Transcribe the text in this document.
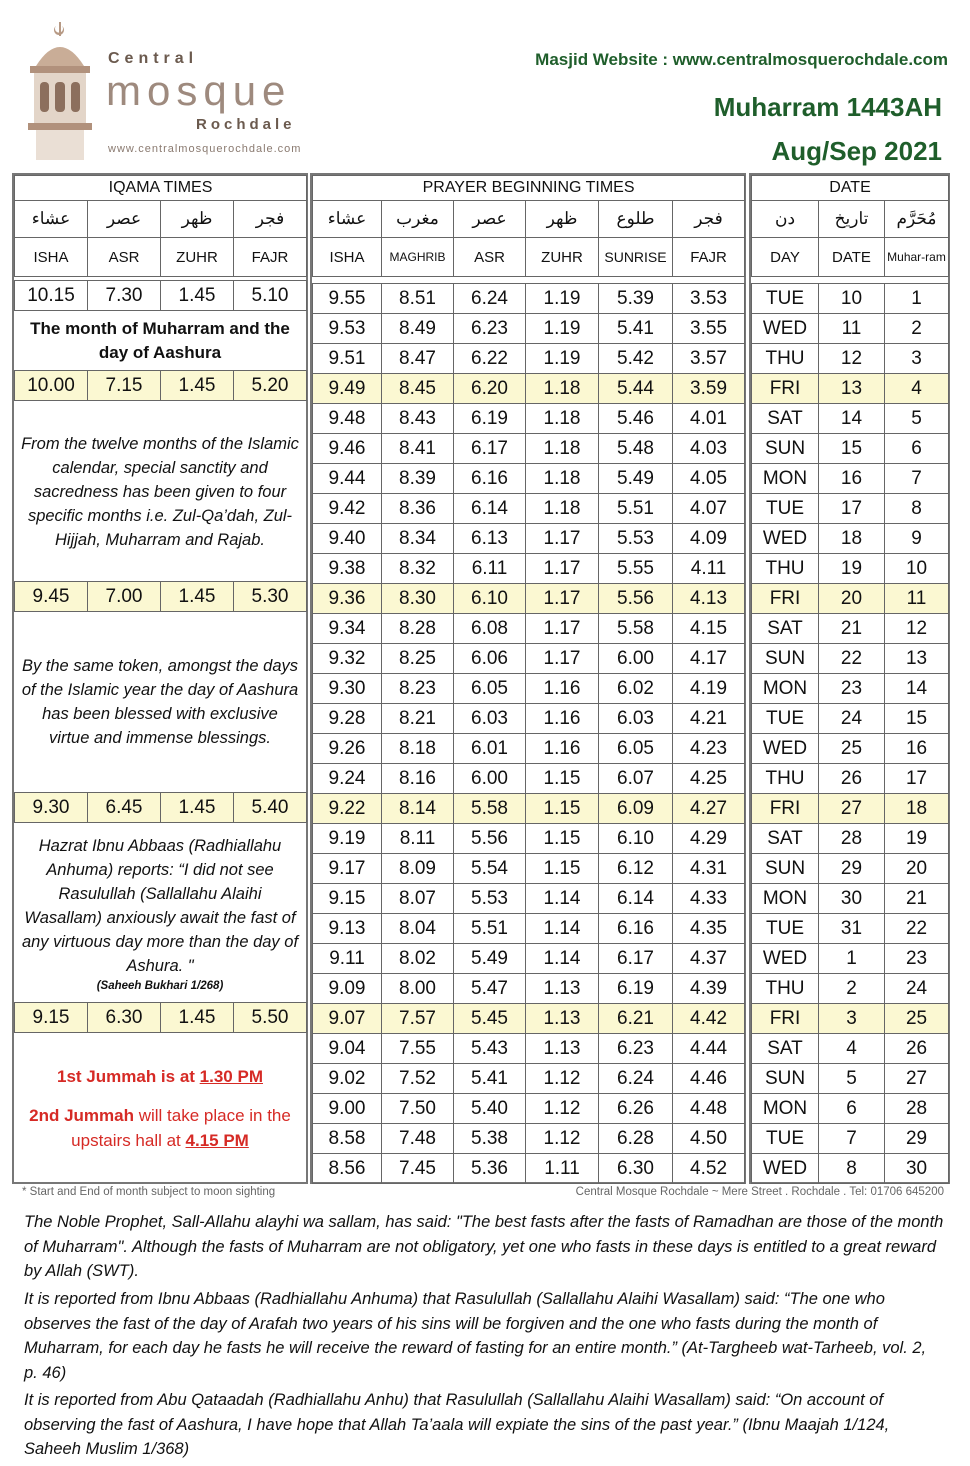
Central
mosque
Rochdale
www.centralmosquerochdale.com
Masjid Website : www.centralmosquerochdale.com
Muharram 1443AH
Aug/Sep 2021
IQAMA TIMES			
عشاء	عصر	ظهر	فجر
ISHA	ASR	ZUHR	FAJR
10.15	7.30	1.45	5.10
10.00	7.15	1.45	5.20
9.45	7.00	1.45	5.30
9.30	6.45	1.45	5.40
9.15	6.30	1.45	5.50
The month of Muharram and the day of Aashura
From the twelve months of the Islamic calendar, special sanctity and sacredness has been given to four specific months i.e. Zul-Qa’dah, Zul-Hijjah, Muharram and Rajab.
By the same token, amongst the days of the Islamic year the day of Aashura has been blessed with exclusive virtue and immense blessings.
Hazrat Ibnu Abbaas (Radhiallahu Anhuma) reports: “I did not see Rasulullah (Sallallahu Alaihi Wasallam) anxiously await the fast of any virtuous day more than the day of Ashura. "
(Saheeh Bukhari 1/268)
1st Jummah is at 1.30 PM
2nd Jummah will take place in the upstairs hall at 4.15 PM
PRAYER BEGINNING TIMES					
عشاء	مغرب	عصر	ظهر	طلوع	فجر
ISHA	MAGHRIB	ASR	ZUHR	SUNRISE	FAJR

9.55	8.51	6.24	1.19	5.39	3.53
9.53	8.49	6.23	1.19	5.41	3.55
9.51	8.47	6.22	1.19	5.42	3.57
9.49	8.45	6.20	1.18	5.44	3.59
9.48	8.43	6.19	1.18	5.46	4.01
9.46	8.41	6.17	1.18	5.48	4.03
9.44	8.39	6.16	1.18	5.49	4.05
9.42	8.36	6.14	1.18	5.51	4.07
9.40	8.34	6.13	1.17	5.53	4.09
9.38	8.32	6.11	1.17	5.55	4.11
9.36	8.30	6.10	1.17	5.56	4.13
9.34	8.28	6.08	1.17	5.58	4.15
9.32	8.25	6.06	1.17	6.00	4.17
9.30	8.23	6.05	1.16	6.02	4.19
9.28	8.21	6.03	1.16	6.03	4.21
9.26	8.18	6.01	1.16	6.05	4.23
9.24	8.16	6.00	1.15	6.07	4.25
9.22	8.14	5.58	1.15	6.09	4.27
9.19	8.11	5.56	1.15	6.10	4.29
9.17	8.09	5.54	1.15	6.12	4.31
9.15	8.07	5.53	1.14	6.14	4.33
9.13	8.04	5.51	1.14	6.16	4.35
9.11	8.02	5.49	1.14	6.17	4.37
9.09	8.00	5.47	1.13	6.19	4.39
9.07	7.57	5.45	1.13	6.21	4.42
9.04	7.55	5.43	1.13	6.23	4.44
9.02	7.52	5.41	1.12	6.24	4.46
9.00	7.50	5.40	1.12	6.26	4.48
8.58	7.48	5.38	1.12	6.28	4.50
8.56	7.45	5.36	1.11	6.30	4.52
DATE		
دن	تاريخ	مُحَرَّم
DAY	DATE	Muhar-ram

TUE	10	1
WED	11	2
THU	12	3
FRI	13	4
SAT	14	5
SUN	15	6
MON	16	7
TUE	17	8
WED	18	9
THU	19	10
FRI	20	11
SAT	21	12
SUN	22	13
MON	23	14
TUE	24	15
WED	25	16
THU	26	17
FRI	27	18
SAT	28	19
SUN	29	20
MON	30	21
TUE	31	22
WED	1	23
THU	2	24
FRI	3	25
SAT	4	26
SUN	5	27
MON	6	28
TUE	7	29
WED	8	30
* Start and End of month subject to moon sighting	Central Mosque Rochdale ~ Mere Street . Rochdale . Tel: 01706 645200
The Noble Prophet, Sall-Allahu alayhi wa sallam, has said: "The best fasts after the fasts of Ramadhan are those of the month of Muharram". Although the fasts of Muharram are not obligatory, yet one who fasts in these days is entitled to a great reward by Allah (SWT).
It is reported from Ibnu Abbaas (Radhiallahu Anhuma) that Rasulullah (Sallallahu Alaihi Wasallam) said: “The one who observes the fast of the day of Arafah two years of his sins will be forgiven and the one who fasts during the month of Muharram, for each day he fasts he will receive the reward of fasting for an entire month.” (At-Targheeb wat-Tarheeb, vol. 2, p. 46)
It is reported from Abu Qataadah (Radhiallahu Anhu) that Rasulullah (Sallallahu Alaihi Wasallam) said: “On account of observing the fast of Aashura, I have hope that Allah Ta’aala will expiate the sins of the past year.” (Ibnu Maajah 1/124, Saheeh Muslim 1/368)
